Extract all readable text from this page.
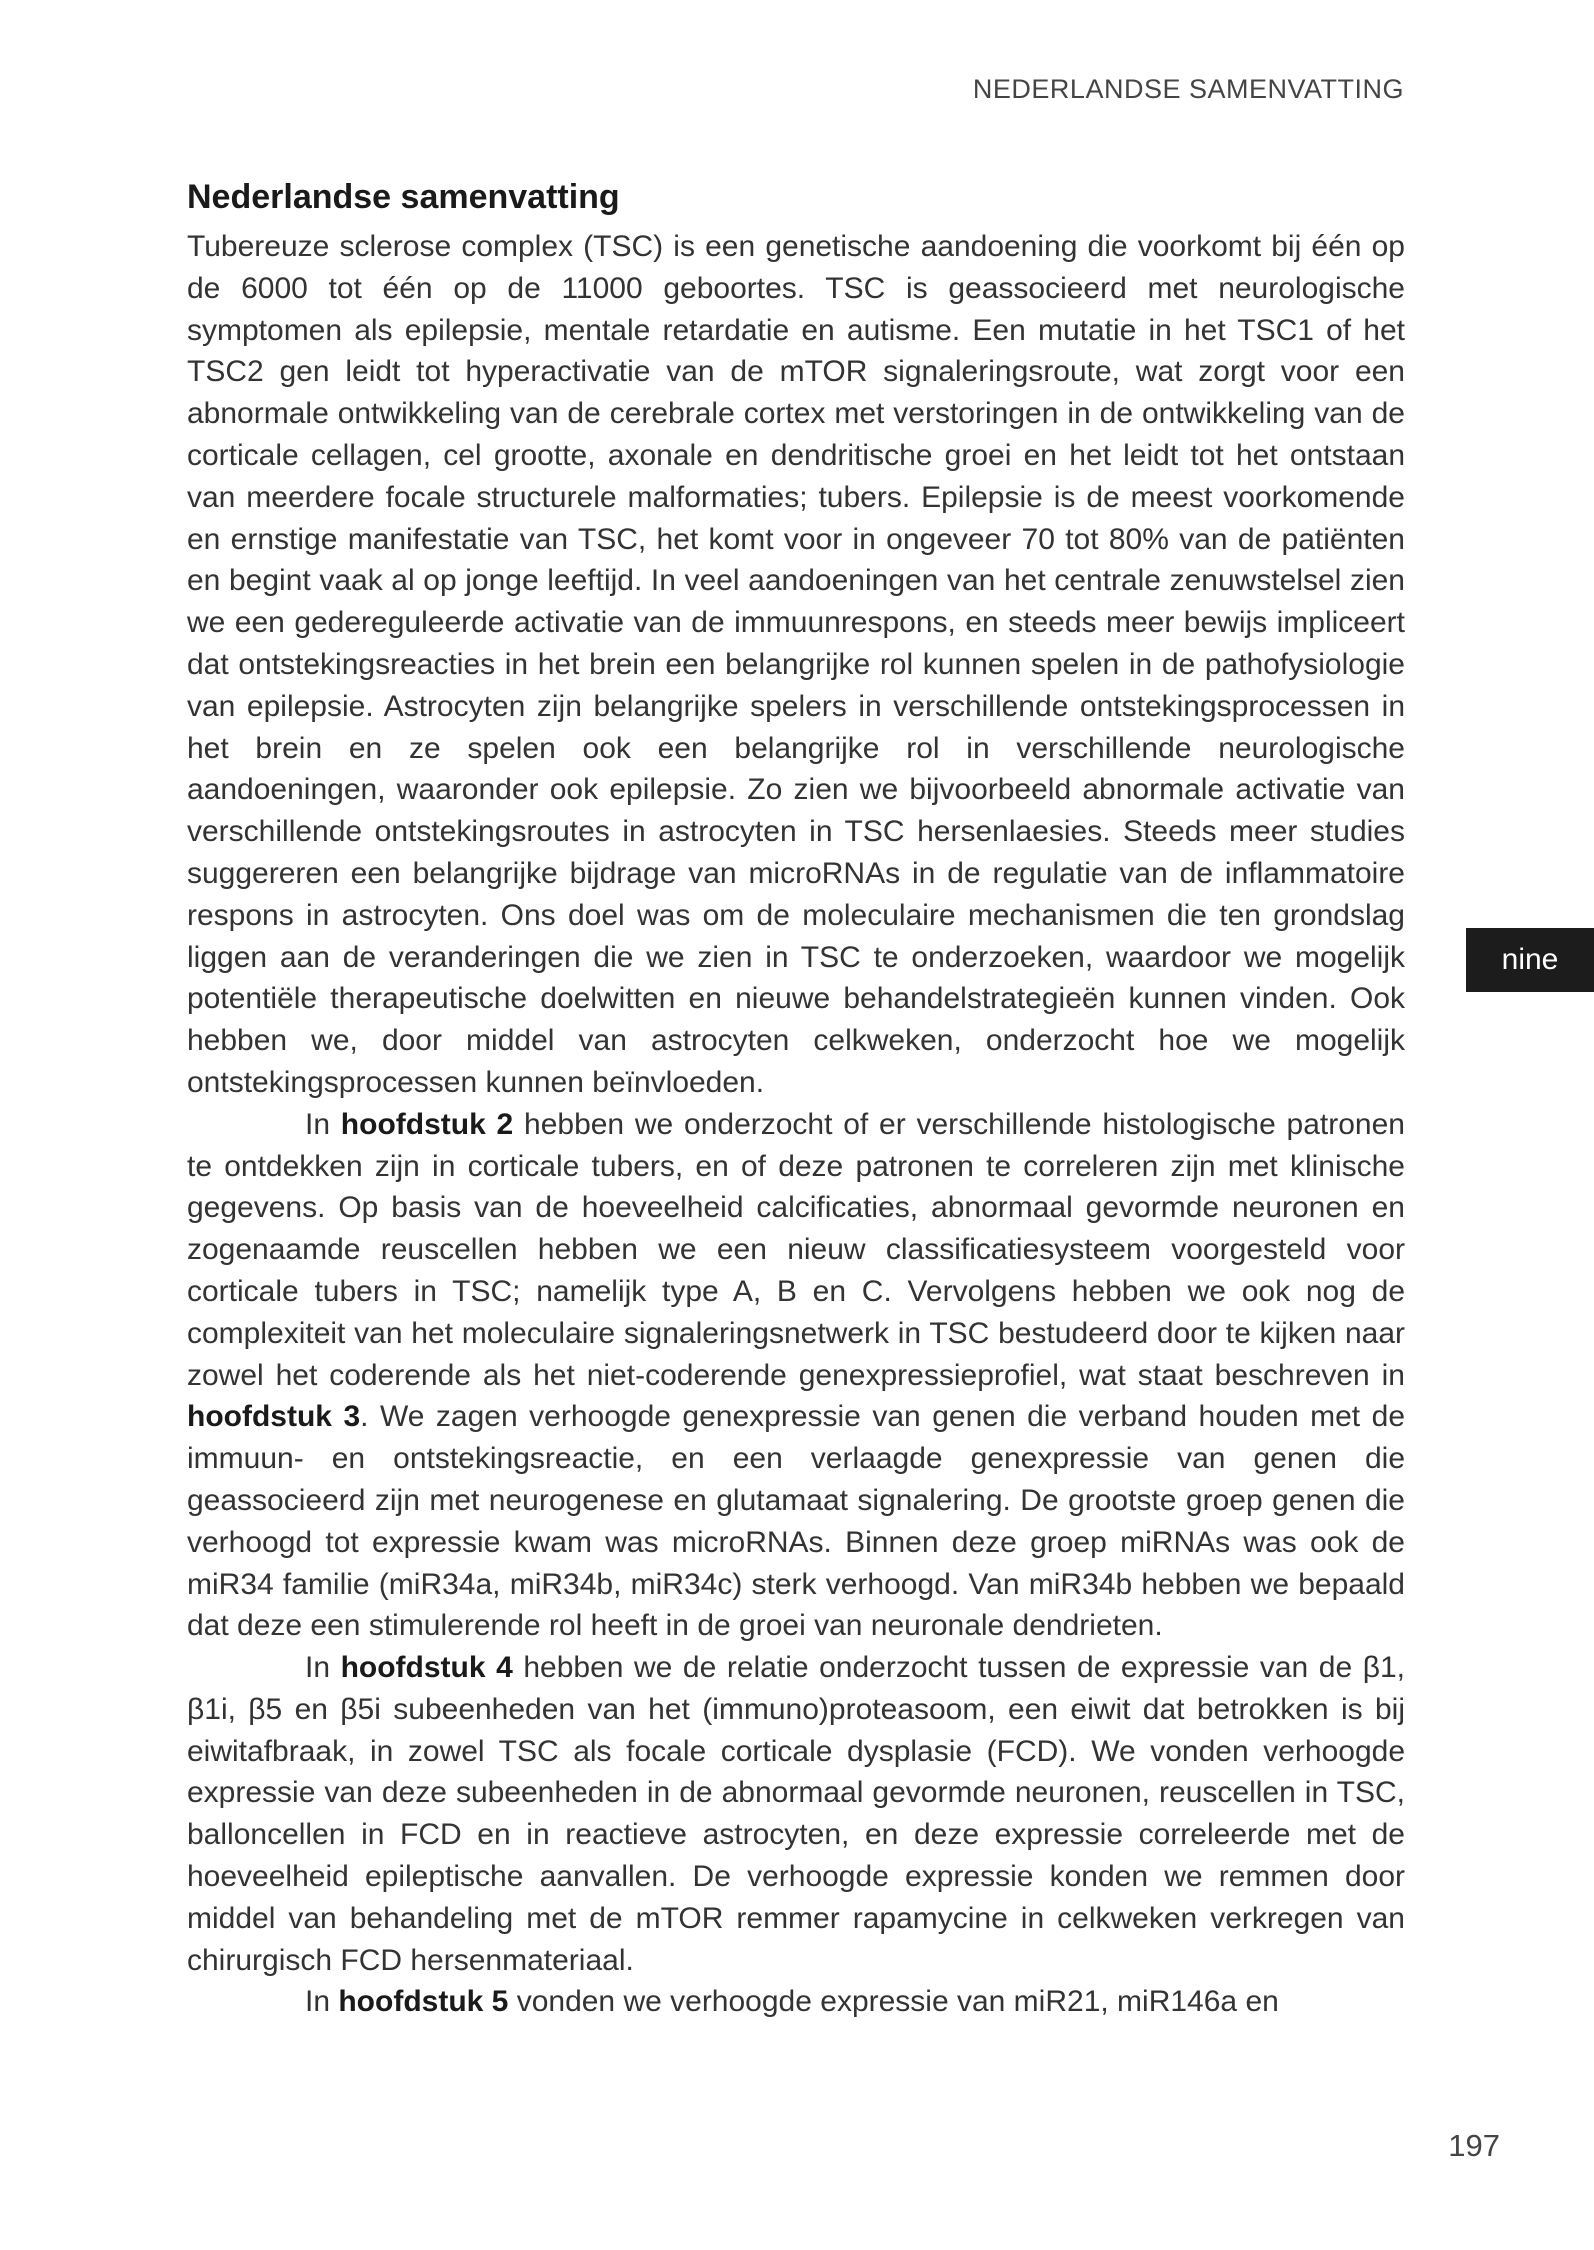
NEDERLANDSE SAMENVATTING
Nederlandse samenvatting

Tubereuze sclerose complex (TSC) is een genetische aandoening die voorkomt bij één op de 6000 tot één op de 11000 geboortes. TSC is geassocieerd met neurologische symptomen als epilepsie, mentale retardatie en autisme. Een mutatie in het TSC1 of het TSC2 gen leidt tot hyperactivatie van de mTOR signaleringsroute, wat zorgt voor een abnormale ontwikkeling van de cerebrale cortex met verstoringen in de ontwikkeling van de corticale cellagen, cel grootte, axonale en dendritische groei en het leidt tot het ontstaan van meerdere focale structurele malformaties; tubers. Epilepsie is de meest voorkomende en ernstige manifestatie van TSC, het komt voor in ongeveer 70 tot 80% van de patiënten en begint vaak al op jonge leeftijd. In veel aandoeningen van het centrale zenuwstelsel zien we een gedereguleerde activatie van de immuunrespons, en steeds meer bewijs impliceert dat ontstekingsreacties in het brein een belangrijke rol kunnen spelen in de pathofysiologie van epilepsie. Astrocyten zijn belangrijke spelers in verschillende ontstekingsprocessen in het brein en ze spelen ook een belangrijke rol in verschillende neurologische aandoeningen, waaronder ook epilepsie. Zo zien we bijvoorbeeld abnormale activatie van verschillende ontstekingsroutes in astrocyten in TSC hersenlaesies. Steeds meer studies suggereren een belangrijke bijdrage van microRNAs in de regulatie van de inflammatoire respons in astrocyten. Ons doel was om de moleculaire mechanismen die ten grondslag liggen aan de veranderingen die we zien in TSC te onderzoeken, waardoor we mogelijk potentiële therapeutische doelwitten en nieuwe behandelstrategieën kunnen vinden. Ook hebben we, door middel van astrocyten celkweken, onderzocht hoe we mogelijk ontstekingsprocessen kunnen beïnvloeden.

In hoofdstuk 2 hebben we onderzocht of er verschillende histologische patronen te ontdekken zijn in corticale tubers, en of deze patronen te correleren zijn met klinische gegevens. Op basis van de hoeveelheid calcificaties, abnormaal gevormde neuronen en zogenaamde reuscellen hebben we een nieuw classificatiesysteem voorgesteld voor corticale tubers in TSC; namelijk type A, B en C. Vervolgens hebben we ook nog de complexiteit van het moleculaire signaleringsnetwerk in TSC bestudeerd door te kijken naar zowel het coderende als het niet-coderende genexpressieprofiel, wat staat beschreven in hoofdstuk 3. We zagen verhoogde genexpressie van genen die verband houden met de immuun- en ontstekingsreactie, en een verlaagde genexpressie van genen die geassocieerd zijn met neurogenese en glutamaat signalering. De grootste groep genen die verhoogd tot expressie kwam was microRNAs. Binnen deze groep miRNAs was ook de miR34 familie (miR34a, miR34b, miR34c) sterk verhoogd. Van miR34b hebben we bepaald dat deze een stimulerende rol heeft in de groei van neuronale dendrieten.

In hoofdstuk 4 hebben we de relatie onderzocht tussen de expressie van de β1, β1i, β5 en β5i subeenheden van het (immuno)proteasoom, een eiwit dat betrokken is bij eiwitafbraak, in zowel TSC als focale corticale dysplasie (FCD). We vonden verhoogde expressie van deze subeenheden in de abnormaal gevormde neuronen, reuscellen in TSC, balloncellen in FCD en in reactieve astrocyten, en deze expressie correleerde met de hoeveelheid epileptische aanvallen. De verhoogde expressie konden we remmen door middel van behandeling met de mTOR remmer rapamycine in celkweken verkregen van chirurgisch FCD hersenmateriaal.

In hoofdstuk 5 vonden we verhoogde expressie van miR21, miR146a en

nine
197
